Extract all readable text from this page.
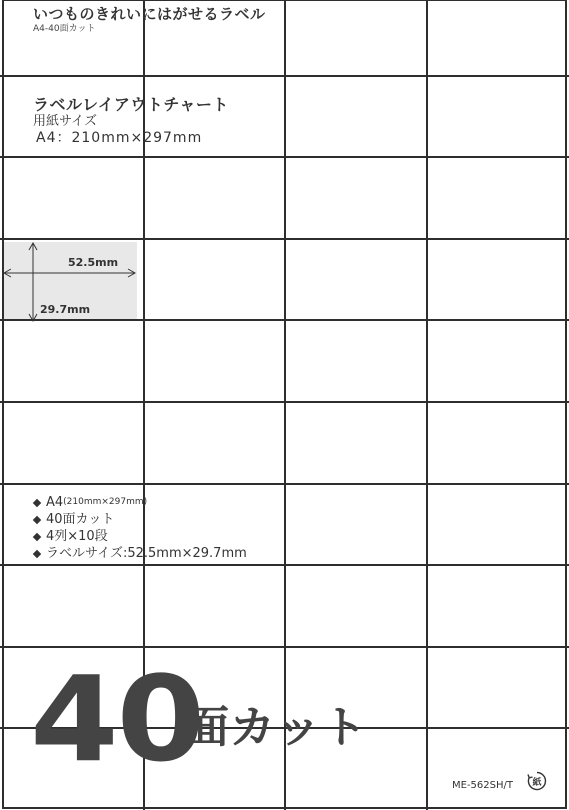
いつものきれいにはがせるラベル
A4-40面カット
ラベルレイアウトチャート
用紙サイズ
A4：210mm×297mm
52.5mm
29.7mm
A4 (210mm×297mm)
40面カット
4列×10段
ラベルサイズ:52.5mm×29.7mm
40
面カット
ME-562SH/T 紙
